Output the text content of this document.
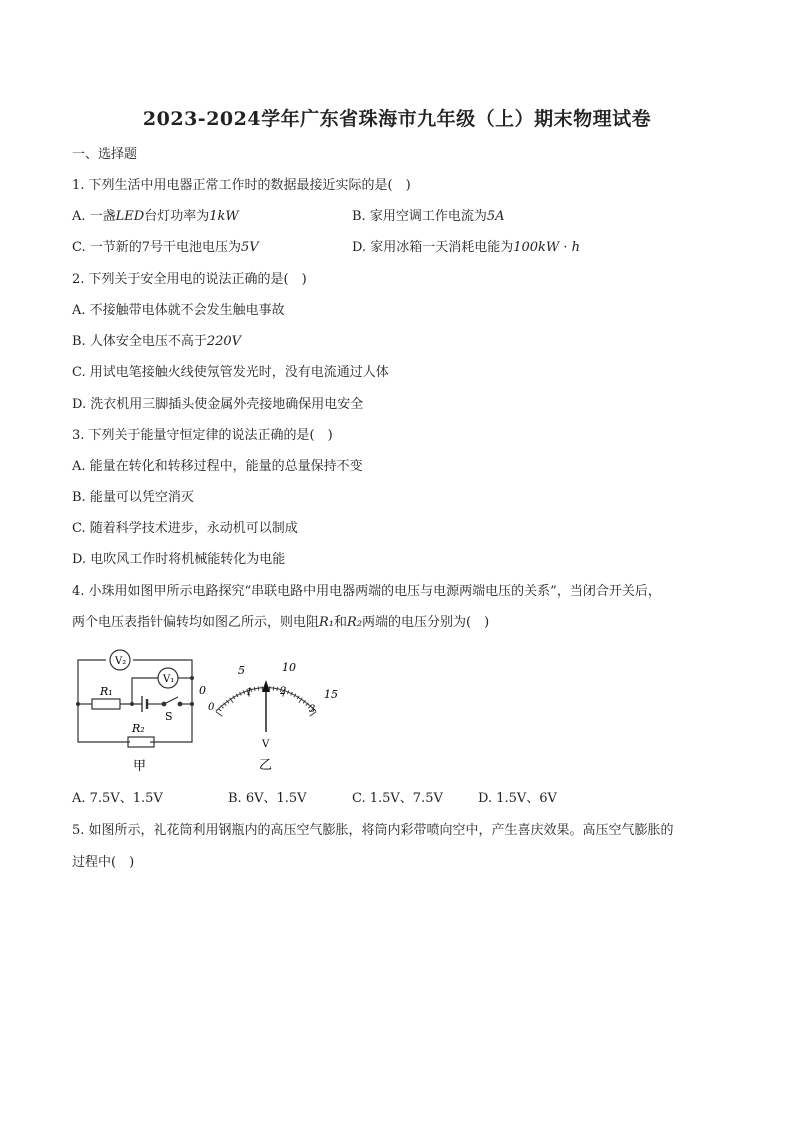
2023-2024学年广东省珠海市九年级（上）期末物理试卷
一、选择题
1. 下列生活中用电器正常工作时的数据最接近实际的是(　)
A. 一盏LED台灯功率为1kW	B. 家用空调工作电流为5A
C. 一节新的7号干电池电压为5V	D. 家用冰箱一天消耗电能为100kW · h
2. 下列关于安全用电的说法正确的是(　)
A. 不接触带电体就不会发生触电事故
B. 人体安全电压不高于220V
C. 用试电笔接触火线使氖管发光时，没有电流通过人体
D. 洗衣机用三脚插头使金属外壳接地确保用电安全
3. 下列关于能量守恒定律的说法正确的是(　)
A. 能量在转化和转移过程中，能量的总量保持不变
B. 能量可以凭空消灭
C. 随着科学技术进步，永动机可以制成
D. 电吹风工作时将机械能转化为电能
4. 小珠用如图甲所示电路探究“串联电路中用电器两端的电压与电源两端电压的关系”，当闭合开关后，
两个电压表指针偏转均如图乙所示，则电阻R₁和R₂两端的电压分别为(　)
V₂
V₁
R₁
R₂
S
甲
0
5	10
15
0
1	2
3
V
乙
A. 7.5V、1.5V	B. 6V、1.5V	C. 1.5V、7.5V	D. 1.5V、6V
5. 如图所示，礼花筒利用钢瓶内的高压空气膨胀，将筒内彩带喷向空中，产生喜庆效果。高压空气膨胀的
过程中(　)
